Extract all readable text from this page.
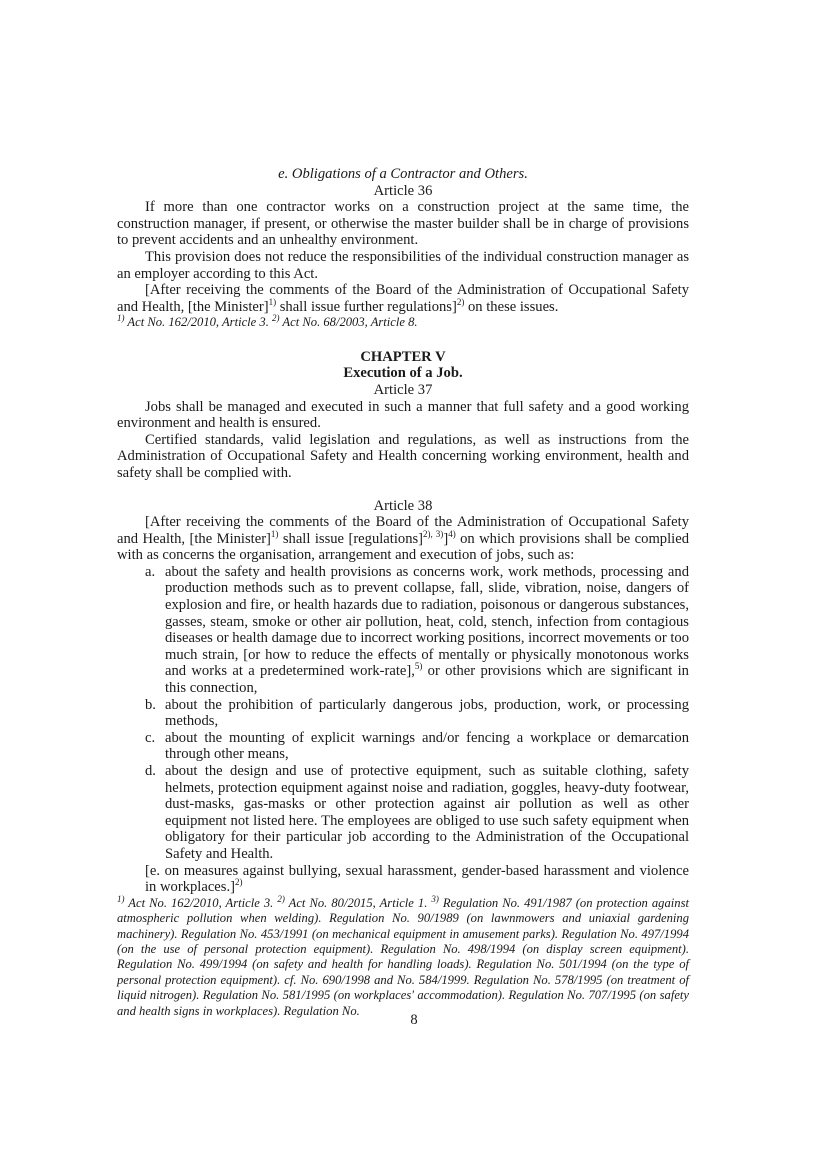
e. Obligations of a Contractor and Others.
Article 36

If more than one contractor works on a construction project at the same time, the construction manager, if present, or otherwise the master builder shall be in charge of provisions to prevent accidents and an unhealthy environment.

This provision does not reduce the responsibilities of the individual construction manager as an employer according to this Act.

[After receiving the comments of the Board of the Administration of Occupational Safety and Health, [the Minister]$^{1)}$ shall issue further regulations]$^{2)}$ on these issues.

$^{1)}$ Act No. 162/2010, Article 3. $^{2)}$ Act No. 68/2003, Article 8.

CHAPTER V
Execution of a Job.
Article 37

Jobs shall be managed and executed in such a manner that full safety and a good working environment and health is ensured.

Certified standards, valid legislation and regulations, as well as instructions from the Administration of Occupational Safety and Health concerning working environment, health and safety shall be complied with.

Article 38

[After receiving the comments of the Board of the Administration of Occupational Safety and Health, [the Minister]$^{1)}$ shall issue [regulations]$^{2), 3)}$]$^{4)}$ on which provisions shall be complied with as concerns the organisation, arrangement and execution of jobs, such as:

a. about the safety and health provisions as concerns work, work methods, processing and production methods such as to prevent collapse, fall, slide, vibration, noise, dangers of explosion and fire, or health hazards due to radiation, poisonous or dangerous substances, gasses, steam, smoke or other air pollution, heat, cold, stench, infection from contagious diseases or health damage due to incorrect working positions, incorrect movements or too much strain, [or how to reduce the effects of mentally or physically monotonous works and works at a predetermined work-rate],$^{5)}$ or other provisions which are significant in this connection,
b. about the prohibition of particularly dangerous jobs, production, work, or processing methods,
c. about the mounting of explicit warnings and/or fencing a workplace or demarcation through other means,
d. about the design and use of protective equipment, such as suitable clothing, safety helmets, protection equipment against noise and radiation, goggles, heavy-duty footwear, dust-masks, gas-masks or other protection against air pollution as well as other equipment not listed here. The employees are obliged to use such safety equipment when obligatory for their particular job according to the Administration of the Occupational Safety and Health.
[e. on measures against bullying, sexual harassment, gender-based harassment and violence in workplaces.]$^{2)}$

$^{1)}$ Act No. 162/2010, Article 3. $^{2)}$ Act No. 80/2015, Article 1. $^{3)}$ Regulation No. 491/1987 (on protection against atmospheric pollution when welding). Regulation No. 90/1989 (on lawnmowers and uniaxial gardening machinery). Regulation No. 453/1991 (on mechanical equipment in amusement parks). Regulation No. 497/1994 (on the use of personal protection equipment). Regulation No. 498/1994 (on display screen equipment). Regulation No. 499/1994 (on safety and health for handling loads). Regulation No. 501/1994 (on the type of personal protection equipment). cf. No. 690/1998 and No. 584/1999. Regulation No. 578/1995 (on treatment of liquid nitrogen). Regulation No. 581/1995 (on workplaces' accommodation). Regulation No. 707/1995 (on safety and health signs in workplaces). Regulation No.

8
